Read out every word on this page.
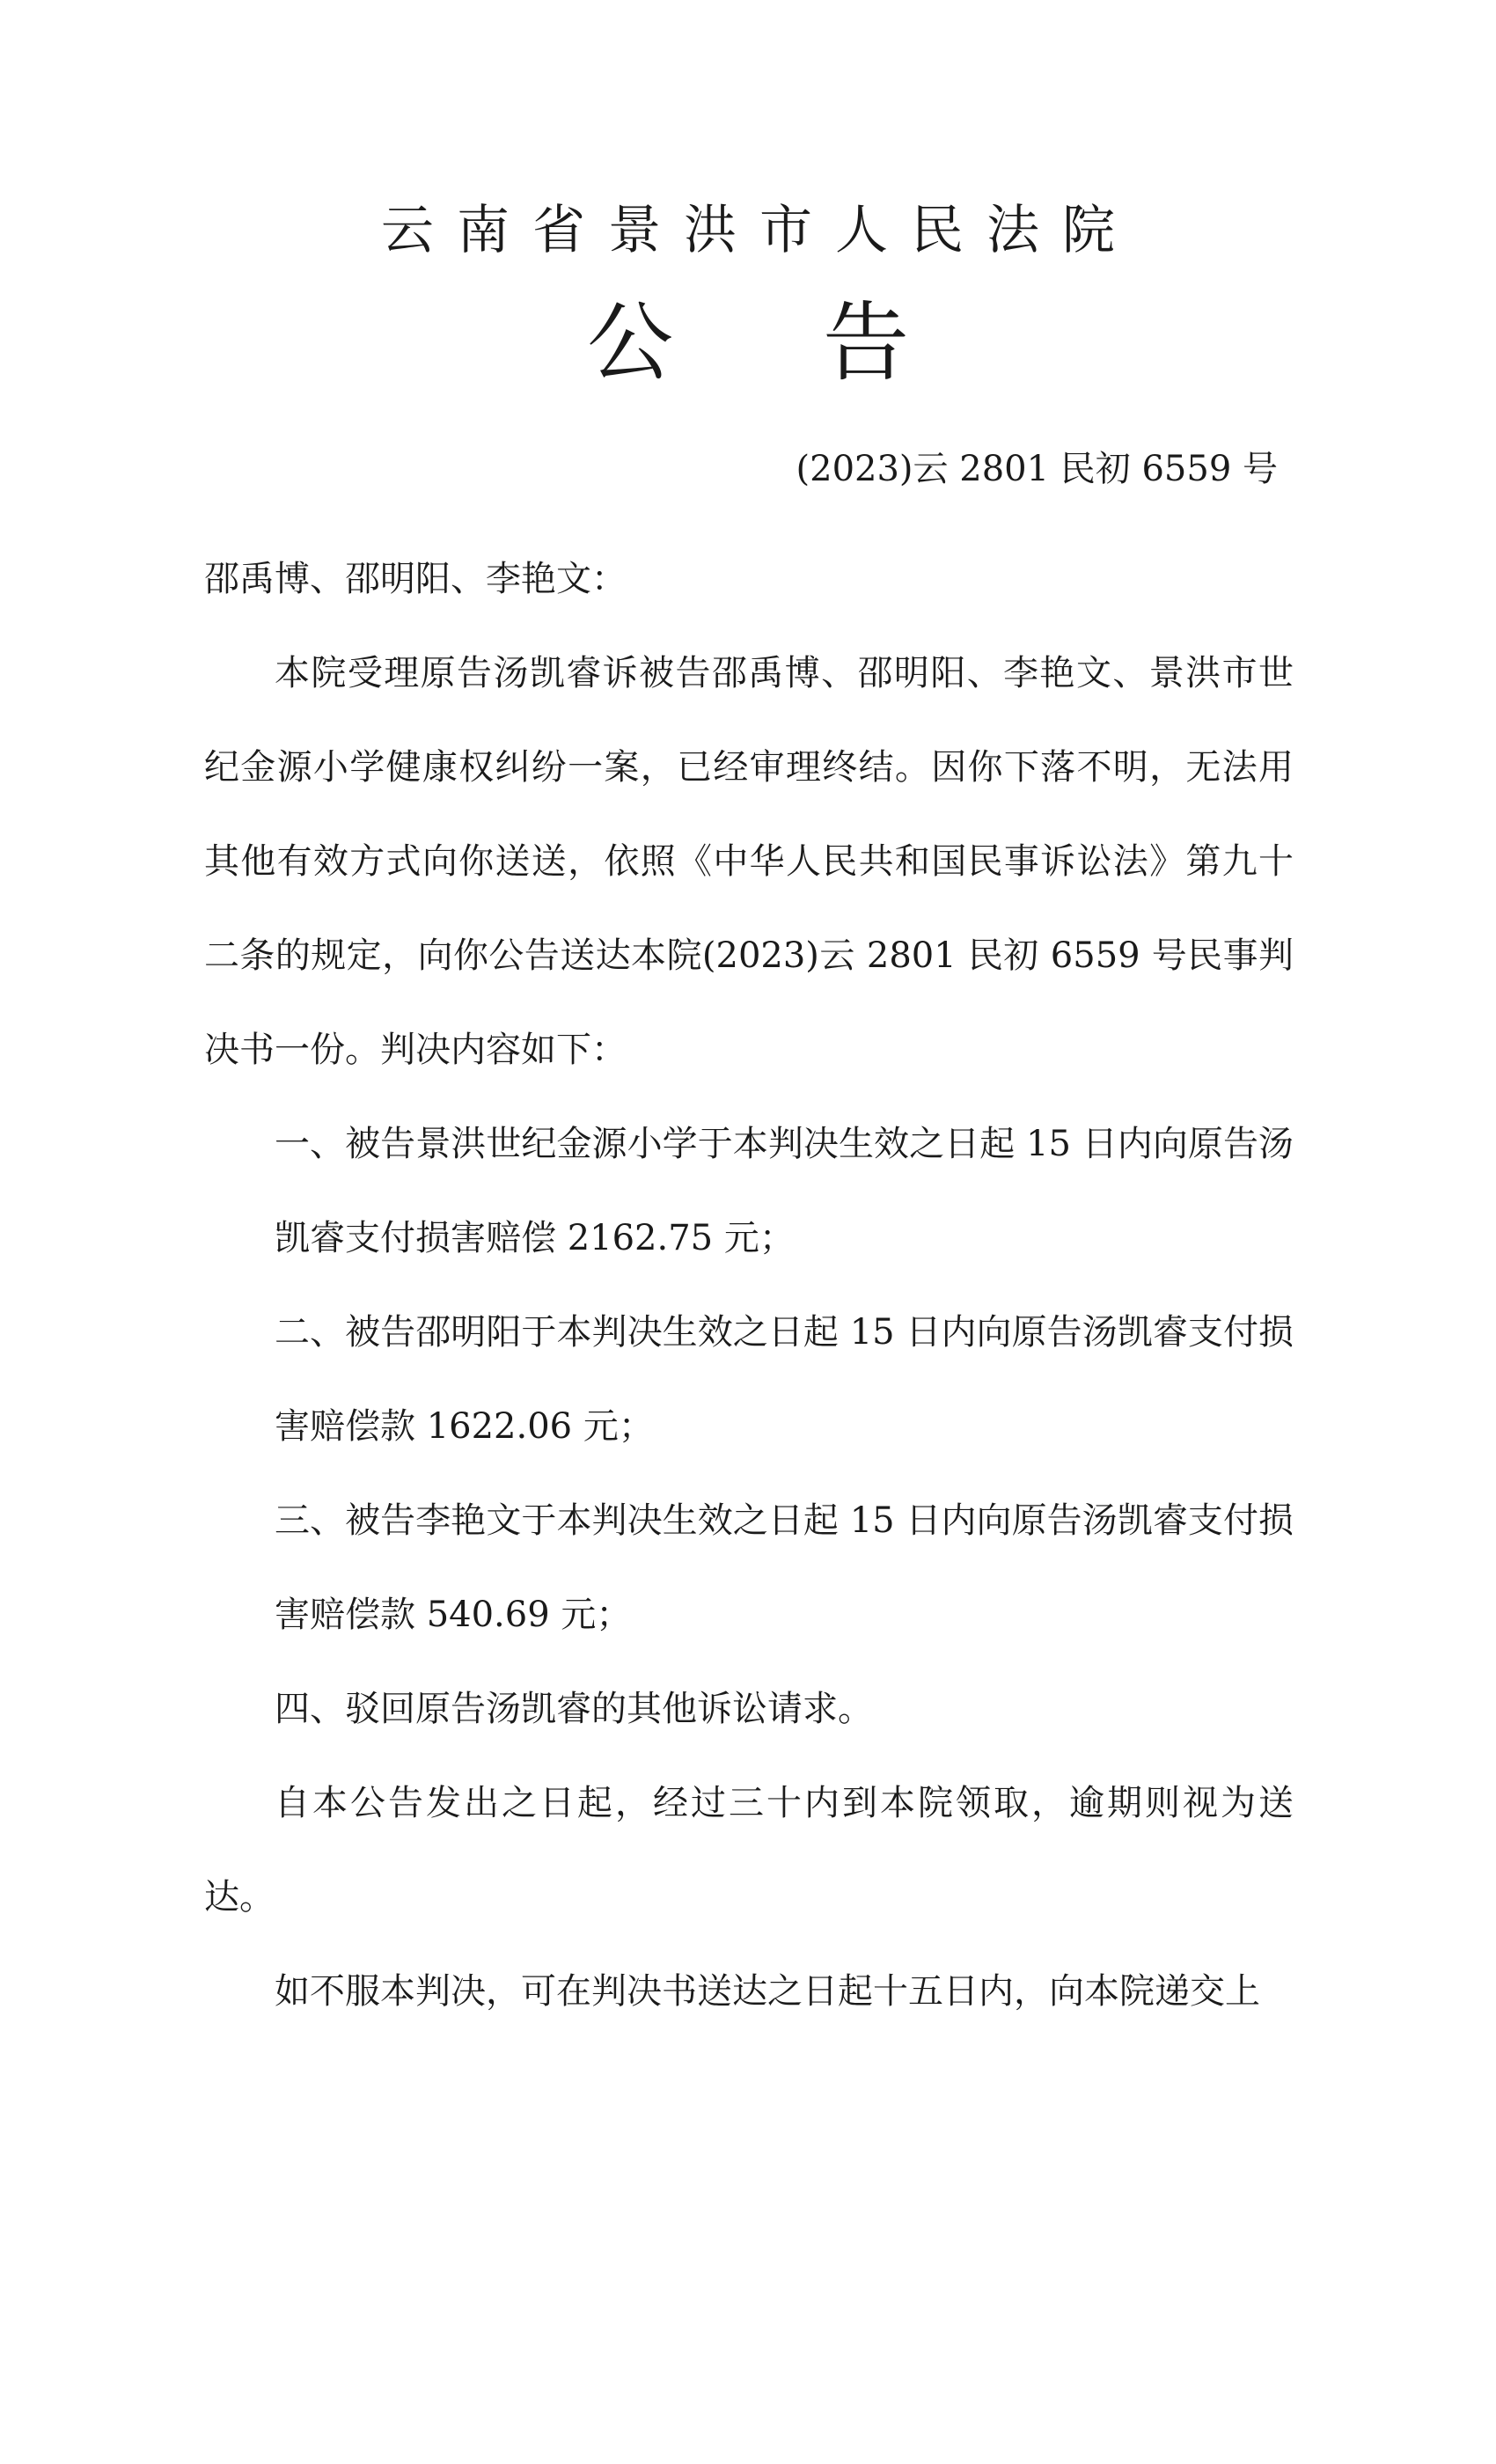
云南省景洪市人民法院
公告
(2023)云 2801 民初 6559 号

邵禹博、邵明阳、李艳文：

本院受理原告汤凯睿诉被告邵禹博、邵明阳、李艳文、景洪市世纪金源小学健康权纠纷一案，已经审理终结。因你下落不明，无法用其他有效方式向你送送，依照《中华人民共和国民事诉讼法》第九十二条的规定，向你公告送达本院(2023)云 2801 民初 6559 号民事判决书一份。判决内容如下：

一、被告景洪世纪金源小学于本判决生效之日起 15 日内向原告汤凯睿支付损害赔偿 2162.75 元；

二、被告邵明阳于本判决生效之日起 15 日内向原告汤凯睿支付损害赔偿款 1622.06 元；

三、被告李艳文于本判决生效之日起 15 日内向原告汤凯睿支付损害赔偿款 540.69 元；

四、驳回原告汤凯睿的其他诉讼请求。

自本公告发出之日起，经过三十内到本院领取，逾期则视为送达。

如不服本判决，可在判决书送达之日起十五日内，向本院递交上
